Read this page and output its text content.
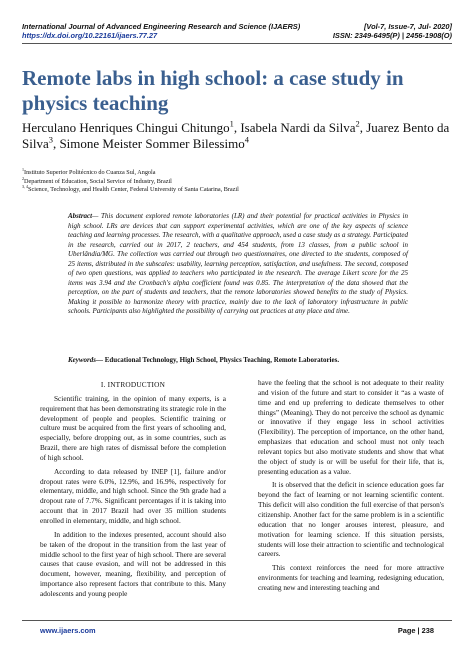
International Journal of Advanced Engineering Research and Science (IJAERS)
https://dx.doi.org/10.22161/ijaers.77.27
[Vol-7, Issue-7, Jul- 2020]
ISSN: 2349-6495(P) | 2456-1908(O)
Remote labs in high school: a case study in physics teaching
Herculano Henriques Chingui Chitungo$^1$, Isabela Nardi da Silva$^2$, Juarez Bento da Silva$^3$, Simone Meister Sommer Bilessimo$^4$
$^1$Instituto Superior Politécnico do Cuanza Sul, Angola
$^2$Department of Education, Social Service of Industry, Brazil
$^{3, 4}$Science, Technology, and Health Center, Federal University of Santa Catarina, Brazil
Abstract— This document explored remote laboratories (LR) and their potential for practical activities in Physics in high school. LRs are devices that can support experimental activities, which are one of the key aspects of science teaching and learning processes. The research, with a qualitative approach, used a case study as a strategy. Participated in the research, carried out in 2017, 2 teachers, and 454 students, from 13 classes, from a public school in Uberlândia/MG. The collection was carried out through two questionnaires, one directed to the students, composed of 25 items, distributed in the subscales: usability, learning perception, satisfaction, and usefulness. The second, composed of two open questions, was applied to teachers who participated in the research. The average Likert score for the 25 items was 3.94 and the Cronbach's alpha coefficient found was 0.85. The interpretation of the data showed that the perception, on the part of students and teachers, that the remote laboratories showed benefits to the study of Physics. Making it possible to harmonize theory with practice, mainly due to the lack of laboratory infrastructure in public schools. Participants also highlighted the possibility of carrying out practices at any place and time.
Keywords— Educational Technology, High School, Physics Teaching, Remote Laboratories.

I. INTRODUCTION

Scientific training, in the opinion of many experts, is a requirement that has been demonstrating its strategic role in the development of people and peoples. Scientific training or culture must be acquired from the first years of schooling and, especially, before dropping out, as in some countries, such as Brazil, there are high rates of dismissal before the completion of high school.

According to data released by INEP [1], failure and/or dropout rates were 6.0%, 12.9%, and 16.9%, respectively for elementary, middle, and high school. Since the 9th grade had a dropout rate of 7.7%. Significant percentages if it is taking into account that in 2017 Brazil had over 35 million students enrolled in elementary, middle, and high school.

In addition to the indexes presented, account should also be taken of the dropout in the transition from the last year of middle school to the first year of high school. There are several causes that cause evasion, and will not be addressed in this document, however, meaning, flexibility, and perception of importance also represent factors that contribute to this. Many adolescents and young people

have the feeling that the school is not adequate to their reality and vision of the future and start to consider it “as a waste of time and end up preferring to dedicate themselves to other things” (Meaning). They do not perceive the school as dynamic or innovative if they engage less in school activities (Flexibility). The perception of importance, on the other hand, emphasizes that education and school must not only teach relevant topics but also motivate students and show that what the object of study is or will be useful for their life, that is, presenting education as a value.

It is observed that the deficit in science education goes far beyond the fact of learning or not learning scientific content. This deficit will also condition the full exercise of that person's citizenship. Another fact for the same problem is in a scientific education that no longer arouses interest, pleasure, and motivation for learning science. If this situation persists, students will lose their attraction to scientific and technological careers.

This context reinforces the need for more attractive environments for teaching and learning, redesigning education, creating new and interesting teaching and

www.ijaers.com	Page | 238
